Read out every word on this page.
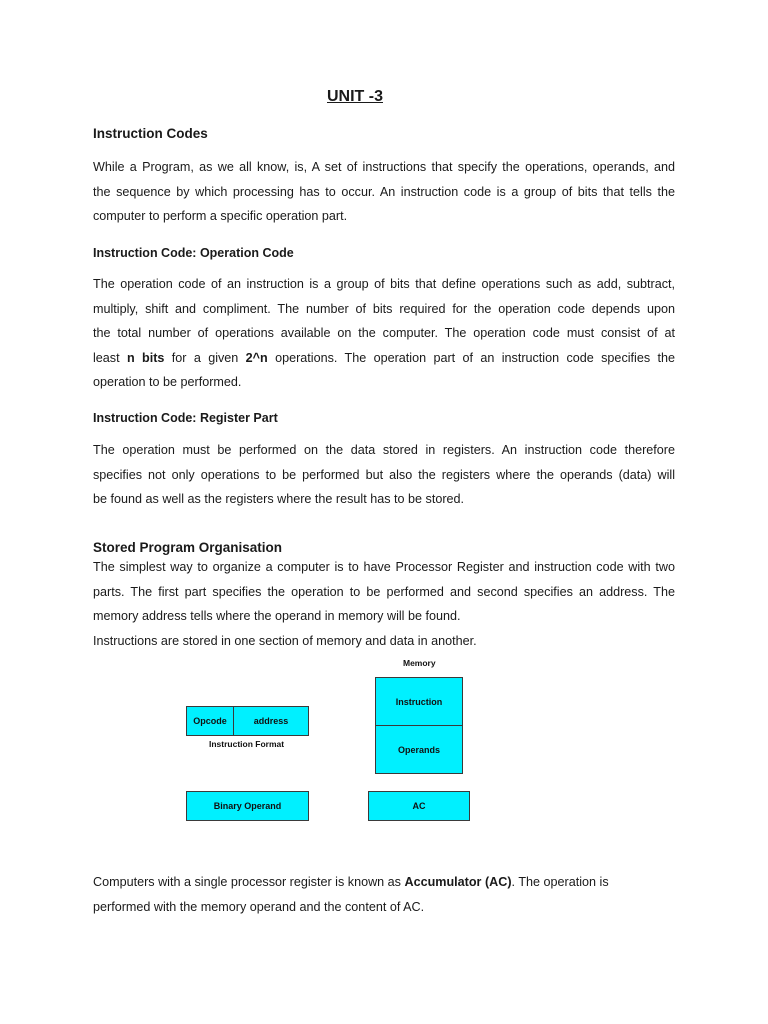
UNIT -3
Instruction Codes
While a Program, as we all know, is, A set of instructions that specify the operations, operands, and
the sequence by which processing has to occur. An instruction code is a group of bits that tells the
computer to perform a specific operation part.
Instruction Code: Operation Code
The operation code of an instruction is a group of bits that define operations such as add, subtract,
multiply, shift and compliment. The number of bits required for the operation code depends upon
the total number of operations available on the computer. The operation code must consist of at
least n bits for a given 2^n operations. The operation part of an instruction code specifies the
operation to be performed.
Instruction Code: Register Part
The operation must be performed on the data stored in registers. An instruction code therefore
specifies not only operations to be performed but also the registers where the operands (data) will
be found as well as the registers where the result has to be stored.
Stored Program Organisation
The simplest way to organize a computer is to have Processor Register and instruction code with two
parts. The first part specifies the operation to be performed and second specifies an address. The
memory address tells where the operand in memory will be found.
Instructions are stored in one section of memory and data in another.
Memory
Instruction
Operands
Opcode	address
Instruction Format
Binary Operand	AC
Computers with a single processor register is known as Accumulator (AC). The operation is
performed with the memory operand and the content of AC.
